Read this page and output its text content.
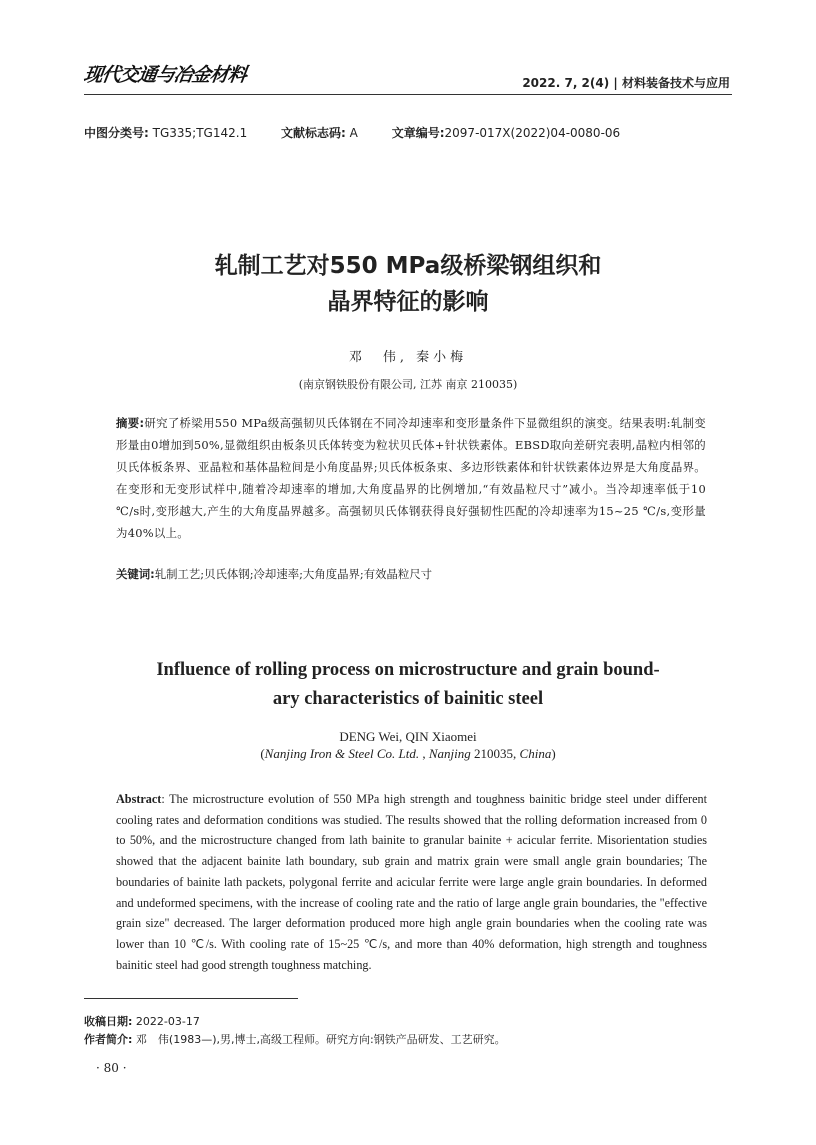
现代交通与冶金材料	2022. 7, 2(4) | 材料装备技术与应用
中图分类号: TG335;TG142.1	文献标志码: A	文章编号:2097-017X(2022)04-0080-06
轧制工艺对550 MPa级桥梁钢组织和
晶界特征的影响
邓　伟, 秦小梅
(南京钢铁股份有限公司, 江苏 南京 210035)
摘要:研究了桥梁用550 MPa级高强韧贝氏体钢在不同冷却速率和变形量条件下显微组织的演变。结果表明:轧制变形量由0增加到50%,显微组织由板条贝氏体转变为粒状贝氏体+针状铁素体。EBSD取向差研究表明,晶粒内相邻的贝氏体板条界、亚晶粒和基体晶粒间是小角度晶界;贝氏体板条束、多边形铁素体和针状铁素体边界是大角度晶界。在变形和无变形试样中,随着冷却速率的增加,大角度晶界的比例增加,“有效晶粒尺寸”减小。当冷却速率低于10 ℃/s时,变形越大,产生的大角度晶界越多。高强韧贝氏体钢获得良好强韧性匹配的冷却速率为15~25 ℃/s,变形量为40%以上。
关键词:轧制工艺;贝氏体钢;冷却速率;大角度晶界;有效晶粒尺寸
Influence of rolling process on microstructure and grain bound-
ary characteristics of bainitic steel
DENG Wei, QIN Xiaomei
(Nanjing Iron & Steel Co. Ltd. , Nanjing 210035, China)
Abstract: The microstructure evolution of 550 MPa high strength and toughness bainitic bridge steel under different cooling rates and deformation conditions was studied. The results showed that the rolling deformation increased from 0 to 50%, and the microstructure changed from lath bainite to granular bainite + acicular ferrite. Misorientation studies showed that the adjacent bainite lath boundary, sub grain and matrix grain were small angle grain boundaries; The boundaries of bainite lath packets, polygonal ferrite and acicular ferrite were large angle grain boundaries. In deformed and undeformed specimens, with the increase of cooling rate and the ratio of large angle grain boundaries, the "effective grain size" decreased. The larger deformation produced more high angle grain boundaries when the cooling rate was lower than 10 ℃/s. With cooling rate of 15~25 ℃/s, and more than 40% deformation, high strength and toughness bainitic steel had good strength toughness matching.
收稿日期: 2022-03-17
作者简介: 邓　伟(1983—),男,博士,高级工程师。研究方向:钢铁产品研发、工艺研究。
· 80 ·
